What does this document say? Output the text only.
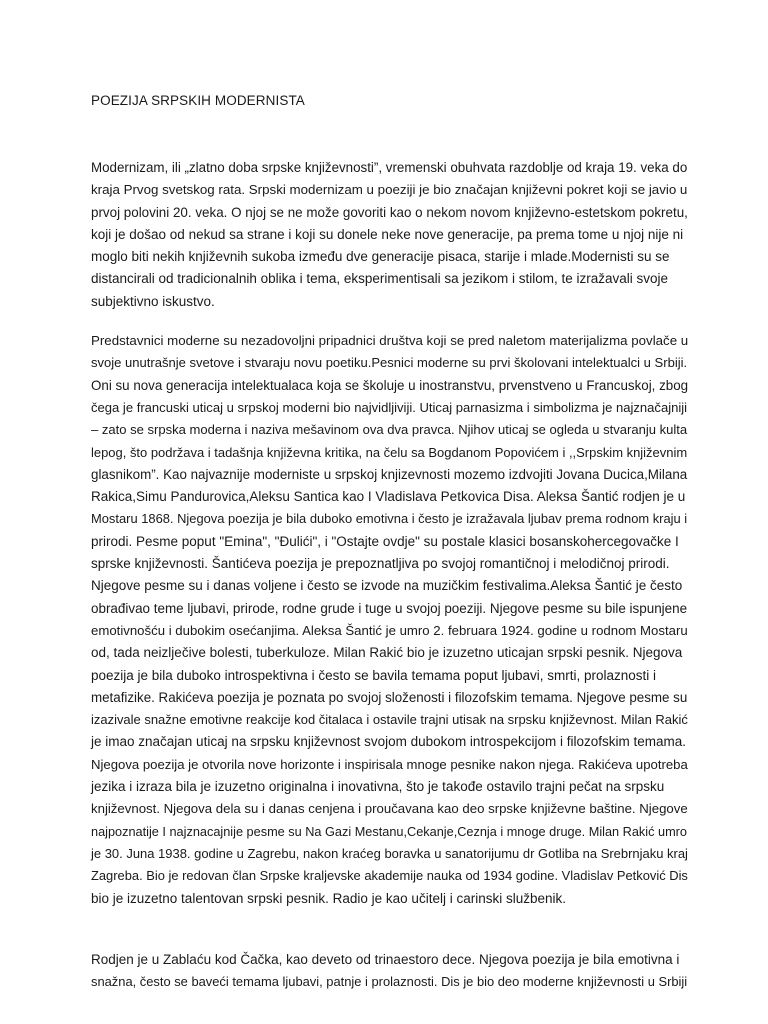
POEZIJA SRPSKIH MODERNISTA
Modernizam, ili „zlatno doba srpske književnosti”, vremenski obuhvata razdoblje od kraja 19. veka do
kraja Prvog svetskog rata. Srpski modernizam u poeziji je bio značajan književni pokret koji se javio u
prvoj polovini 20. veka. O njoj se ne može govoriti kao o nekom novom književno-estetskom pokretu,
koji je došao od nekud sa strane i koji su donele neke nove generacije, pa prema tome u njoj nije ni
moglo biti nekih književnih sukoba između dve generacije pisaca, starije i mlade.Modernisti su se
distancirali od tradicionalnih oblika i tema, eksperimentisali sa jezikom i stilom, te izražavali svoje
subjektivno iskustvo.
Predstavnici moderne su nezadovoljni pripadnici društva koji se pred naletom materijalizma povlače u
svoje unutrašnje svetove i stvaraju novu poetiku.Pesnici moderne su prvi školovani intelektualci u Srbiji.
Oni su nova generacija intelektualaca koja se školuje u inostranstvu, prvenstveno u Francuskoj, zbog
čega je francuski uticaj u srpskoj moderni bio najvidljiviji. Uticaj parnasizma i simbolizma je najznačajniji
– zato se srpska moderna i naziva mešavinom ova dva pravca. Njihov uticaj se ogleda u stvaranju kulta
lepog, što podržava i tadašnja književna kritika, na čelu sa Bogdanom Popovićem i ,,Srpskim književnim
glasnikom”. Kao najvaznije moderniste u srpskoj knjizevnosti mozemo izdvojiti Jovana Ducica,Milana
Rakica,Simu Pandurovica,Aleksu Santica kao I Vladislava Petkovica Disa. Aleksa Šantić rodjen je u
Mostaru 1868. Njegova poezija je bila duboko emotivna i često je izražavala ljubav prema rodnom kraju i
prirodi. Pesme poput "Emina", "Đulići", i "Ostajte ovdje" su postale klasici bosanskohercegovačke I
sprske književnosti. Šantićeva poezija je prepoznatljiva po svojoj romantičnoj i melodičnoj prirodi.
Njegove pesme su i danas voljene i često se izvode na muzičkim festivalima.Aleksa Šantić je često
obrađivao teme ljubavi, prirode, rodne grude i tuge u svojoj poeziji. Njegove pesme su bile ispunjene
emotivnošću i dubokim osećanjima. Aleksa Šantić je umro 2. februara 1924. godine u rodnom Mostaru
od, tada neizlječive bolesti, tuberkuloze. Milan Rakić bio je izuzetno uticajan srpski pesnik. Njegova
poezija je bila duboko introspektivna i često se bavila temama poput ljubavi, smrti, prolaznosti i
metafizike. Rakićeva poezija je poznata po svojoj složenosti i filozofskim temama. Njegove pesme su
izazivale snažne emotivne reakcije kod čitalaca i ostavile trajni utisak na srpsku književnost. Milan Rakić
je imao značajan uticaj na srpsku književnost svojom dubokom introspekcijom i filozofskim temama.
Njegova poezija je otvorila nove horizonte i inspirisala mnoge pesnike nakon njega. Rakićeva upotreba
jezika i izraza bila je izuzetno originalna i inovativna, što je takođe ostavilo trajni pečat na srpsku
književnost. Njegova dela su i danas cenjena i proučavana kao deo srpske književne baštine. Njegove
najpoznatije I najznacajnije pesme su Na Gazi Mestanu,Cekanje,Ceznja i mnoge druge. Milan Rakić umro
je 30. Juna 1938. godine u Zagrebu, nakon kraćeg boravka u sanatorijumu dr Gotliba na Srebrnjaku kraj
Zagreba. Bio je redovan član Srpske kraljevske akademije nauka od 1934 godine. Vladislav Petković Dis
bio je izuzetno talentovan srpski pesnik. Radio je kao učitelj i carinski službenik.
Rodjen je u Zablaću kod Čačka, kao deveto od trinaestoro dece. Njegova poezija je bila emotivna i
snažna, često se baveći temama ljubavi, patnje i prolaznosti. Dis je bio deo moderne književnosti u Srbiji
